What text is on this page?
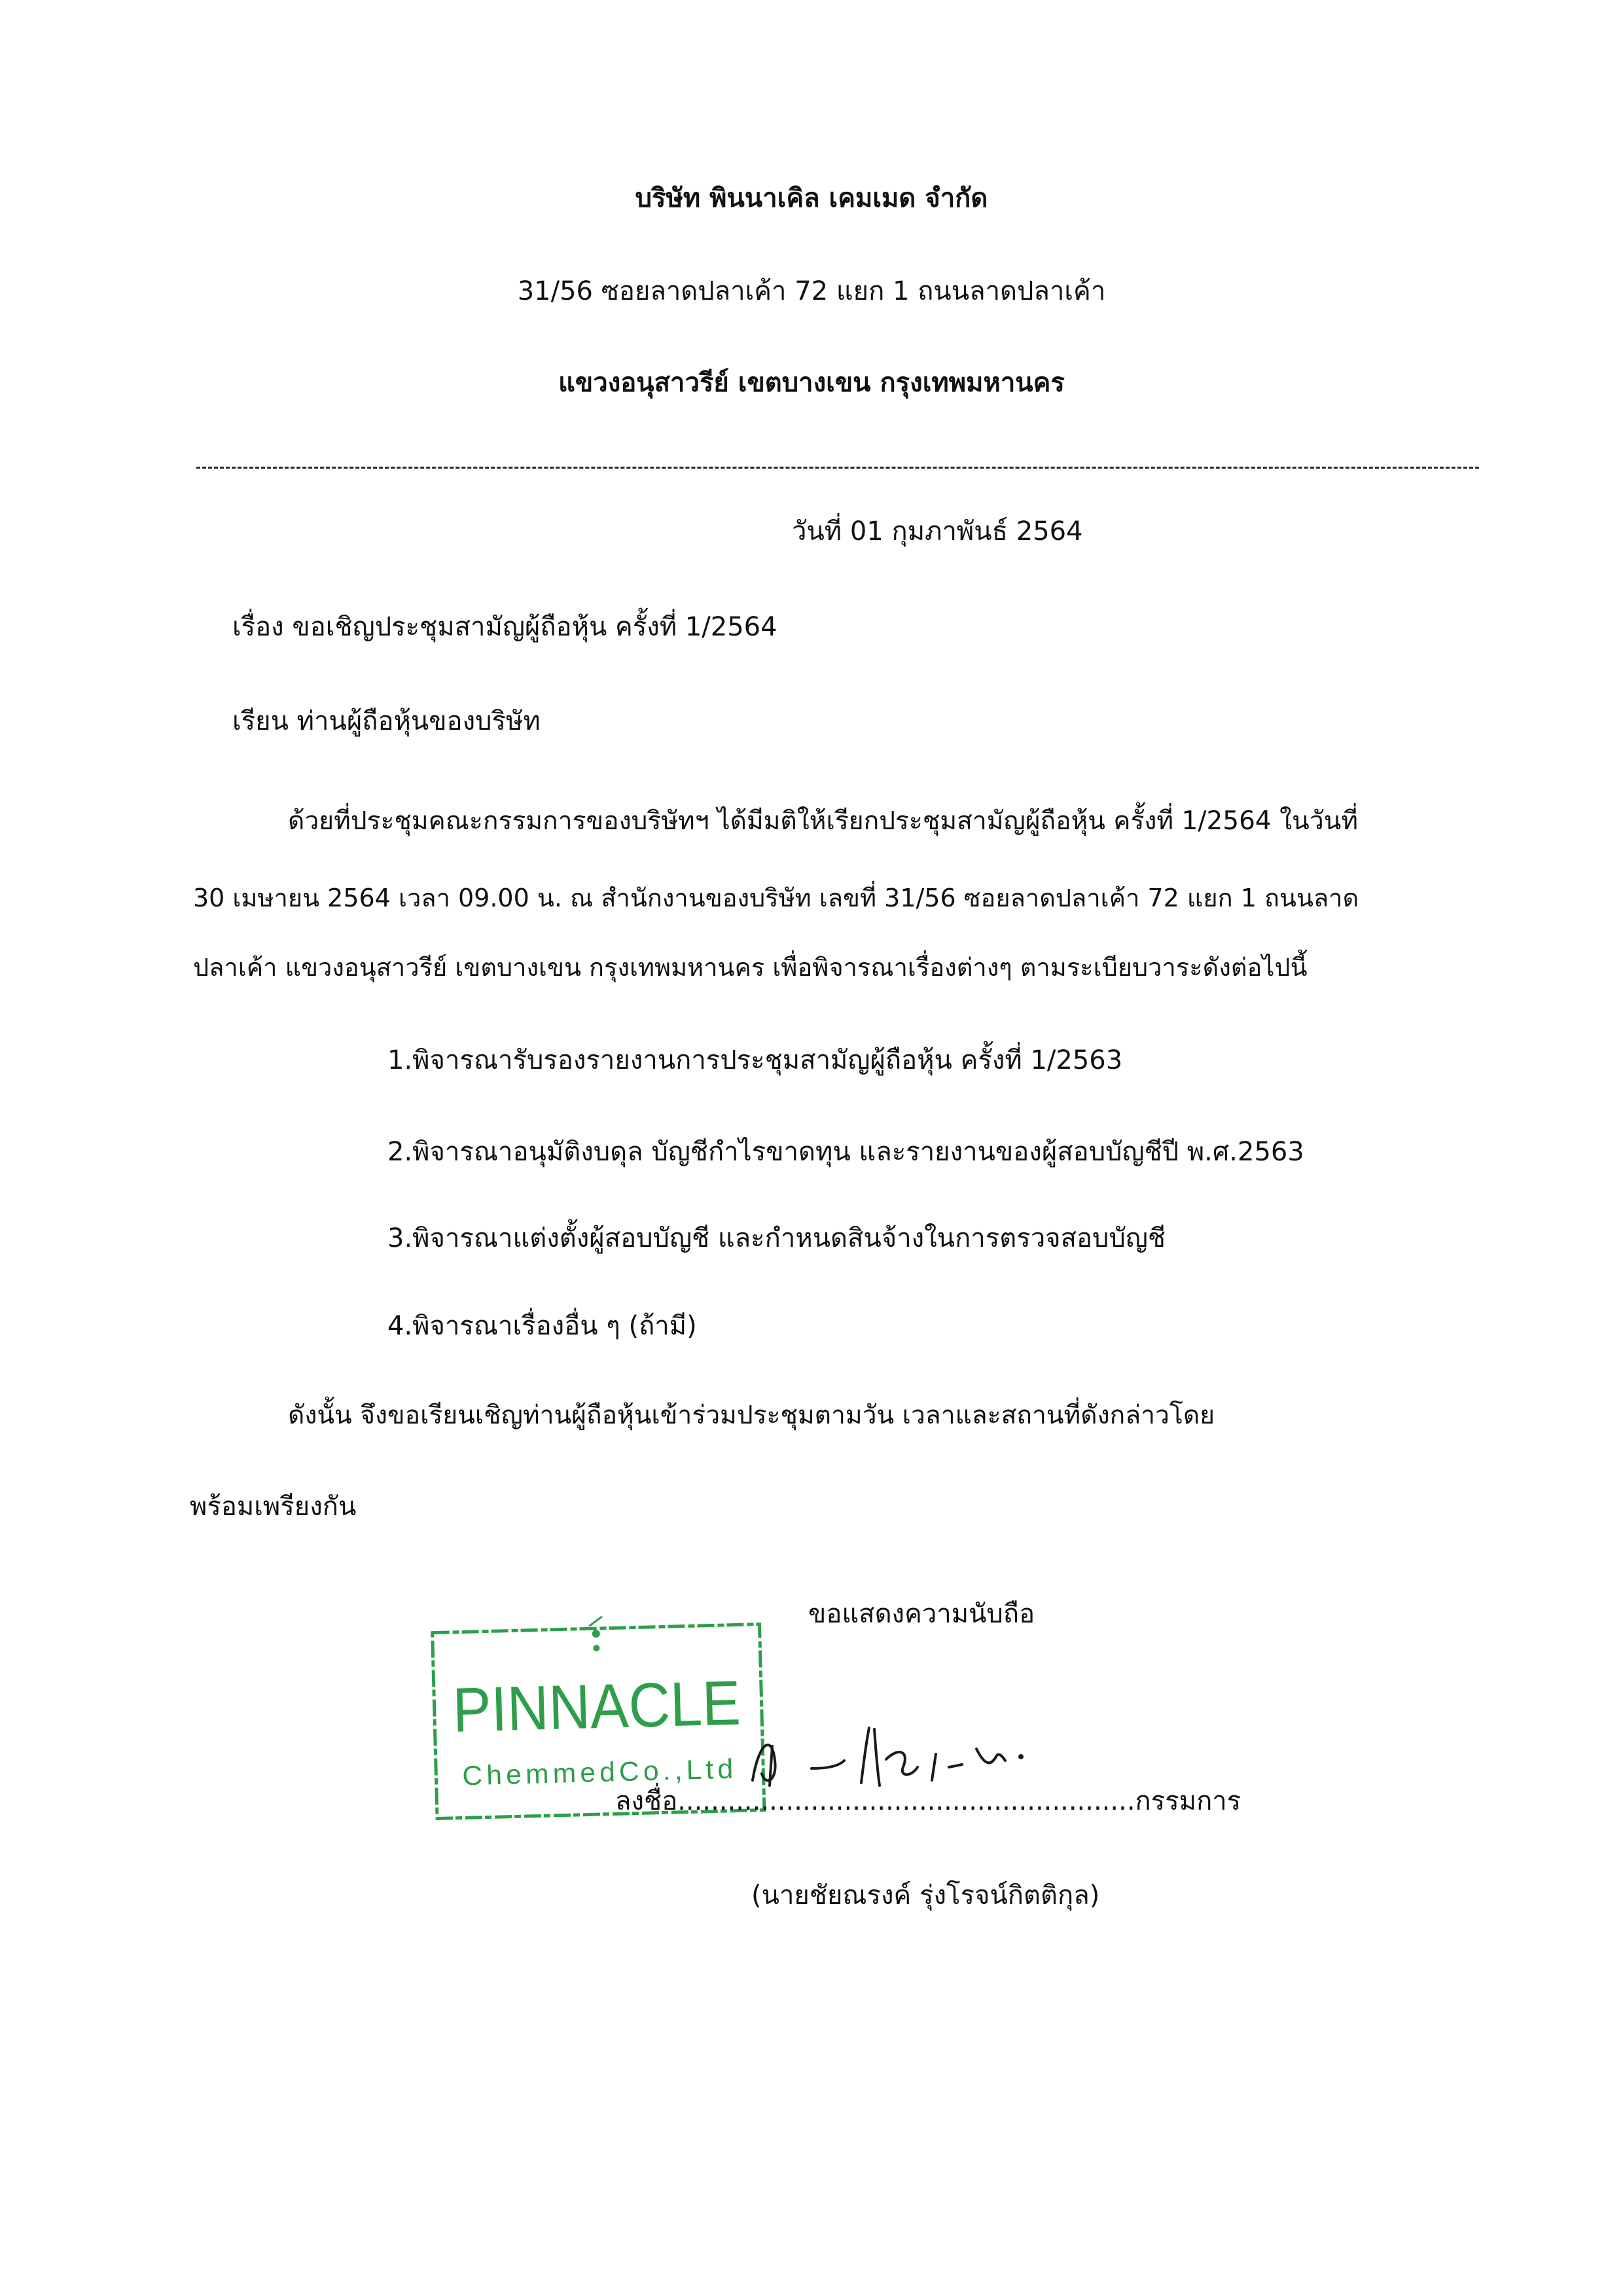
บริษัท พินนาเคิล เคมเมด จำกัด
31/56 ซอยลาดปลาเค้า 72 แยก 1 ถนนลาดปลาเค้า
แขวงอนุสาวรีย์ เขตบางเขน กรุงเทพมหานคร
วันที่ 01 กุมภาพันธ์ 2564
เรื่อง ขอเชิญประชุมสามัญผู้ถือหุ้น ครั้งที่ 1/2564
เรียน ท่านผู้ถือหุ้นของบริษัท
ด้วยที่ประชุมคณะกรรมการของบริษัทฯ ได้มีมติให้เรียกประชุมสามัญผู้ถือหุ้น ครั้งที่ 1/2564 ในวันที่
30 เมษายน 2564 เวลา 09.00 น. ณ สำนักงานของบริษัท เลขที่ 31/56 ซอยลาดปลาเค้า 72 แยก 1 ถนนลาด
ปลาเค้า แขวงอนุสาวรีย์ เขตบางเขน กรุงเทพมหานคร เพื่อพิจารณาเรื่องต่างๆ ตามระเบียบวาระดังต่อไปนี้
1.พิจารณารับรองรายงานการประชุมสามัญผู้ถือหุ้น ครั้งที่ 1/2563
2.พิจารณาอนุมัติงบดุล บัญชีกำไรขาดทุน และรายงานของผู้สอบบัญชีปี พ.ศ.2563
3.พิจารณาแต่งตั้งผู้สอบบัญชี และกำหนดสินจ้างในการตรวจสอบบัญชี
4.พิจารณาเรื่องอื่น ๆ (ถ้ามี)
ดังนั้น จึงขอเรียนเชิญท่านผู้ถือหุ้นเข้าร่วมประชุมตามวัน เวลาและสถานที่ดังกล่าวโดย
พร้อมเพรียงกัน
ขอแสดงความนับถือ
PINNACLE
ChemmedCo.,Ltd
ลงชื่อ.......................................................กรรมการ
(นายชัยณรงค์ รุ่งโรจน์กิตติกุล)
